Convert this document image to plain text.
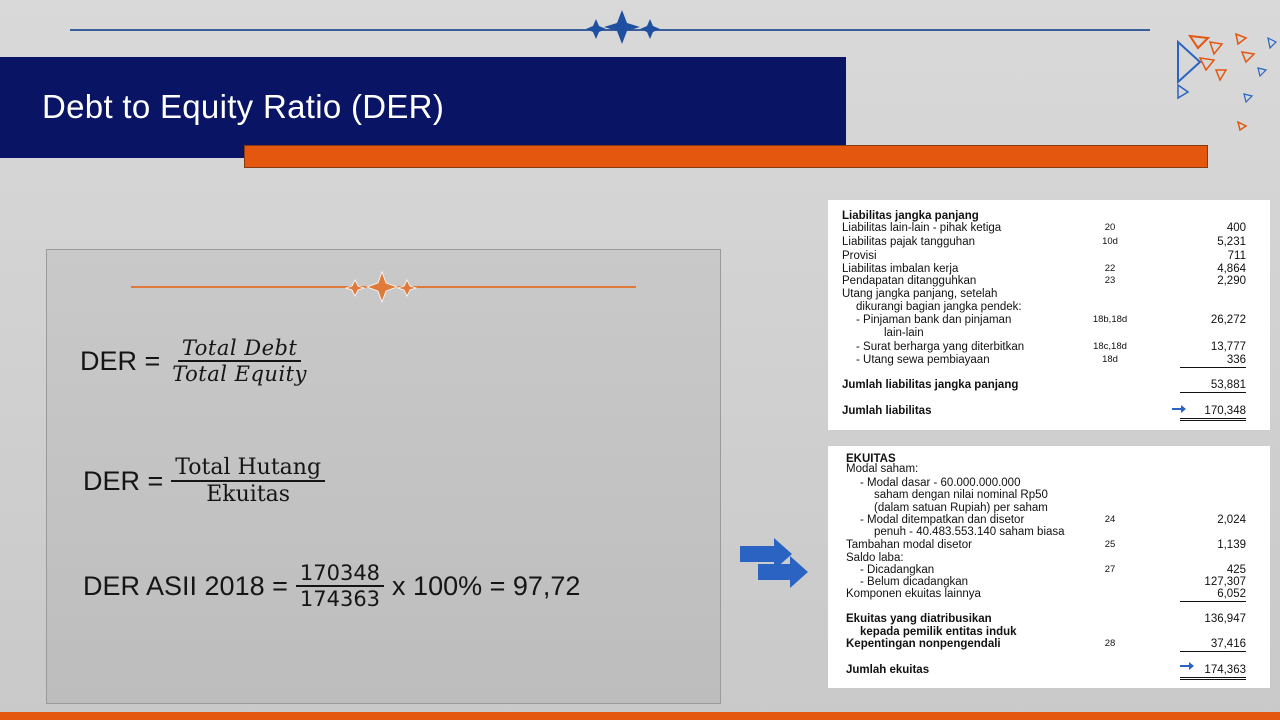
Debt to Equity Ratio (DER)
DER = $\frac{\text{Total Debt}}{\text{Total Equity}}$
DER = $\frac{\text{Total Hutang}}{\text{Ekuitas}}$
DER ASII $2018 = \frac{170348}{174363}$ x 100% = 97,72
Liabilitas jangka panjang
Liabilitas lain-lain - pihak ketiga	20	400
Liabilitas pajak tangguhan	10d	5,231
Provisi	711
Liabilitas imbalan kerja	22	4,864
Pendapatan ditangguhkan	23	2,290
Utang jangka panjang, setelah
dikurangi bagian jangka pendek:
- Pinjaman bank dan pinjaman	18b,18d	26,272
lain-lain
- Surat berharga yang diterbitkan	18c,18d	13,777
- Utang sewa pembiayaan	18d	336
Jumlah liabilitas jangka panjang	53,881
Jumlah liabilitas	170,348
EKUITAS
Modal saham:
- Modal dasar - 60.000.000.000
saham dengan nilai nominal Rp50
(dalam satuan Rupiah) per saham
- Modal ditempatkan dan disetor	24	2,024
penuh - 40.483.553.140 saham biasa
Tambahan modal disetor	25	1,139
Saldo laba:
- Dicadangkan	27	425
- Belum dicadangkan	127,307
Komponen ekuitas lainnya	6,052
Ekuitas yang diatribusikan	136,947
kepada pemilik entitas induk
Kepentingan nonpengendali	28	37,416
Jumlah ekuitas	174,363
